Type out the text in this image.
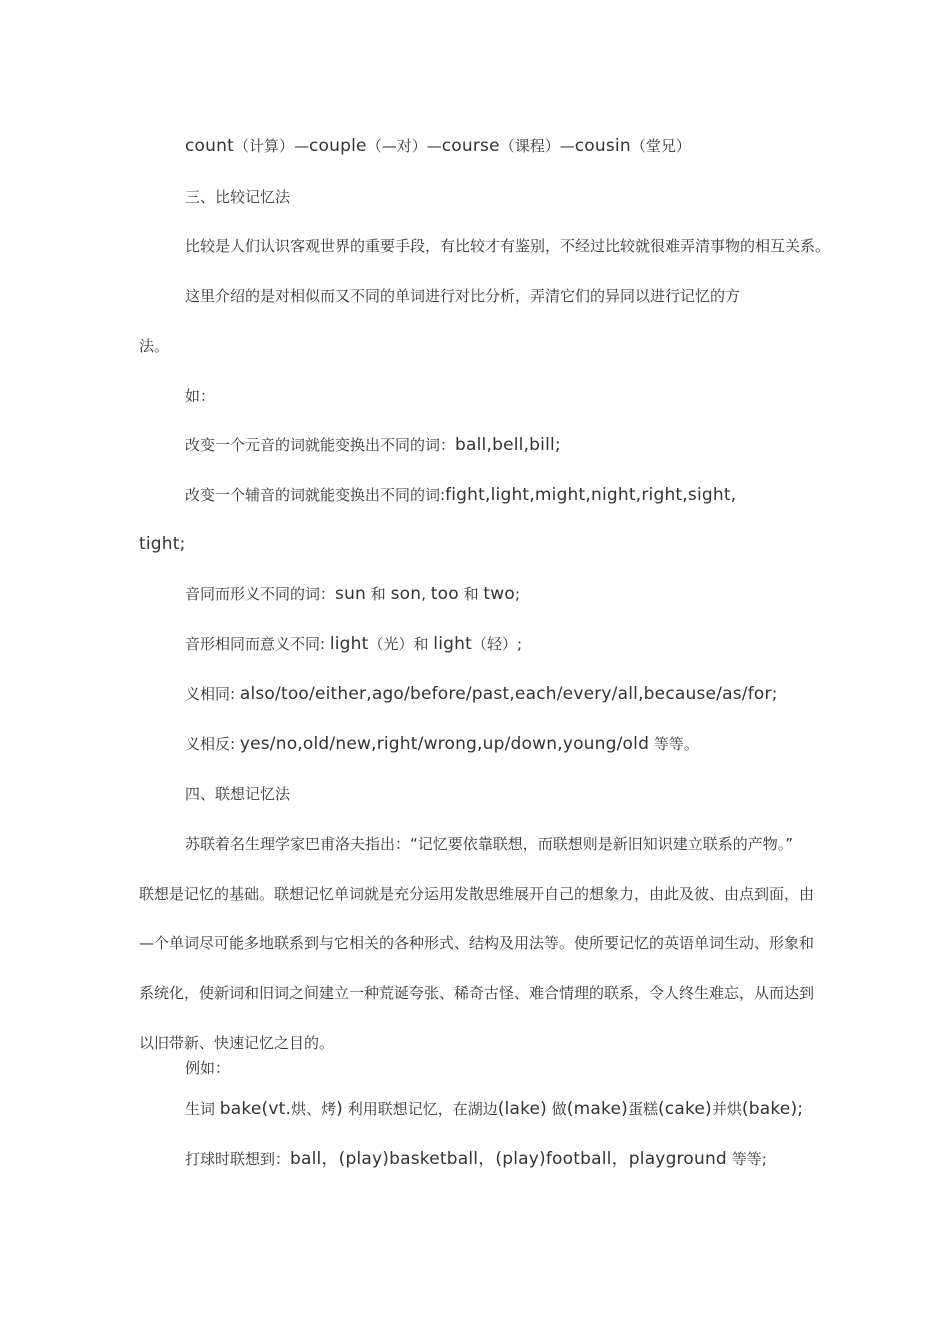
count（计算）—couple（—对）—course（课程）—cousin（堂兄）

三、比较记忆法

比较是人们认识客观世界的重要手段，有比较才有鉴别，不经过比较就很难弄清事物的相互关系。

这里介绍的是对相似而又不同的单词进行对比分析，弄清它们的异同以进行记忆的方

法。

如：

改变一个元音的词就能变换出不同的词：ball,bell,bill;

改变一个辅音的词就能变换出不同的词:fight,light,might,night,right,sight,

tight;

音同而形义不同的词：sun 和 son, too 和 two;

音形相同而意义不同: light（光）和 light（轻）;

义相同: also/too/either,ago/before/past,each/every/all,because/as/for;

义相反: yes/no,old/new,right/wrong,up/down,young/old 等等。

四、联想记忆法

苏联着名生理学家巴甫洛夫指出：“记忆要依靠联想，而联想则是新旧知识建立联系的产物。”

联想是记忆的基础。联想记忆单词就是充分运用发散思维展开自己的想象力，由此及彼、由点到面，由

—个单词尽可能多地联系到与它相关的各种形式、结构及用法等。使所要记忆的英语单词生动、形象和

系统化，使新词和旧词之间建立一种荒诞夸张、稀奇古怪、难合情理的联系，令人终生难忘，从而达到

以旧带新、快速记忆之目的。

例如：

生词 bake(vt.烘、烤) 利用联想记忆，在湖边(lake) 做(make)蛋糕(cake)并烘(bake);

打球时联想到：ball，(play)basketball，(play)football，playground 等等;
